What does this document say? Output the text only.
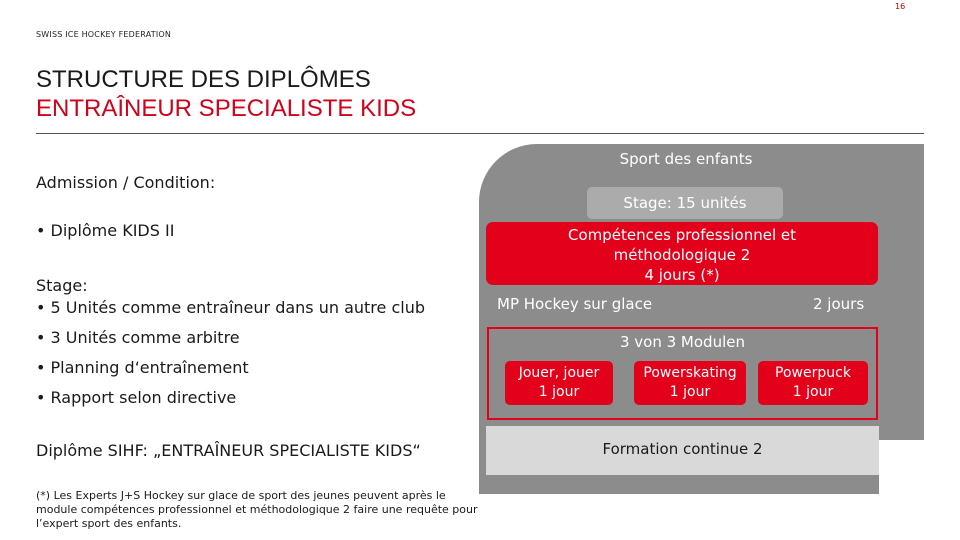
16
SWISS ICE HOCKEY FEDERATION
STRUCTURE DES DIPLÔMES
ENTRAÎNEUR SPECIALISTE KIDS
Admission / Condition:
• Diplôme KIDS II
Stage:
• 5 Unités comme entraîneur dans un autre club
• 3 Unités comme arbitre
• Planning d‘entraînement
• Rapport selon directive
Diplôme SIHF: „ENTRAÎNEUR SPECIALISTE KIDS“
(*) Les Experts J+S Hockey sur glace de sport des jeunes peuvent après le module compétences professionnel et méthodologique 2 faire une requête pour l’expert sport des enfants.
Sport des enfants
Stage: 15 unités
Compétences professionnel et
méthodologique 2
4 jours (*)
MP Hockey sur glace	2 jours
3 von 3 Modulen
Jouer, jouer
1 jour
Powerskating
1 jour
Powerpuck
1 jour
Formation continue 2
